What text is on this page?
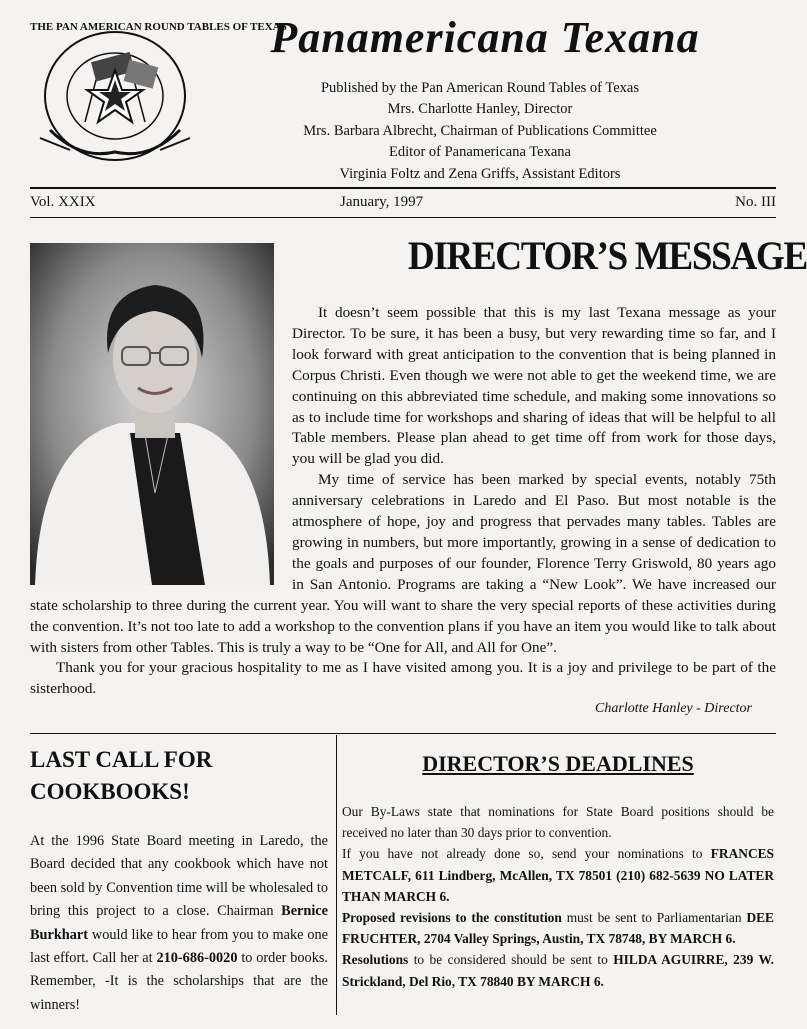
THE PAN AMERICAN ROUND TABLES OF TEXAS
Panamericana Texana
Published by the Pan American Round Tables of Texas
Mrs. Charlotte Hanley, Director
Mrs. Barbara Albrecht, Chairman of Publications Committee
Editor of Panamericana Texana
Virginia Foltz and Zena Griffs, Assistant Editors
Vol. XXIX	January, 1997	No. III
DIRECTOR’S MESSAGE

It doesn’t seem possible that this is my last Texana message as your Director. To be sure, it has been a busy, but very rewarding time so far, and I look forward with great anticipation to the convention that is being planned in Corpus Christi. Even though we were not able to get the weekend time, we are continuing on this abbreviated time schedule, and making some innovations so as to include time for workshops and sharing of ideas that will be helpful to all Table members. Please plan ahead to get time off from work for those days, you will be glad you did.

My time of service has been marked by special events, notably 75th anniversary celebrations in Laredo and El Paso. But most notable is the atmosphere of hope, joy and progress that pervades many tables. Tables are growing in numbers, but more importantly, growing in a sense of dedication to the goals and purposes of our founder, Florence Terry Griswold, 80 years ago in San Antonio. Programs are taking a “New Look”. We have increased our state scholarship to three during the current year. You will want to share the very special reports of these activities during the convention. It’s not too late to add a workshop to the convention plans if you have an item you would like to talk about with sisters from other Tables. This is truly a way to be “One for All, and All for One”.

Thank you for your gracious hospitality to me as I have visited among you. It is a joy and privilege to be part of the sisterhood.

Charlotte Hanley - Director
LAST CALL FOR
COOKBOOKS!
At the 1996 State Board meeting in Laredo, the Board decided that any cookbook which have not been sold by Convention time will be wholesaled to bring this project to a close. Chairman Bernice Burkhart would like to hear from you to make one last effort. Call her at 210-686-0020 to order books. Remember, -It is the scholarships that are the winners!
DIRECTOR’S DEADLINES

Our By-Laws state that nominations for State Board positions should be received no later than 30 days prior to convention.

If you have not already done so, send your nominations to FRANCES METCALF, 611 Lindberg, McAllen, TX 78501 (210) 682-5639 NO LATER THAN MARCH 6.

Proposed revisions to the constitution must be sent to Parliamentarian DEE FRUCHTER, 2704 Valley Springs, Austin, TX 78748, BY MARCH 6.

Resolutions to be considered should be sent to HILDA AGUIRRE, 239 W. Strickland, Del Rio, TX 78840 BY MARCH 6.
